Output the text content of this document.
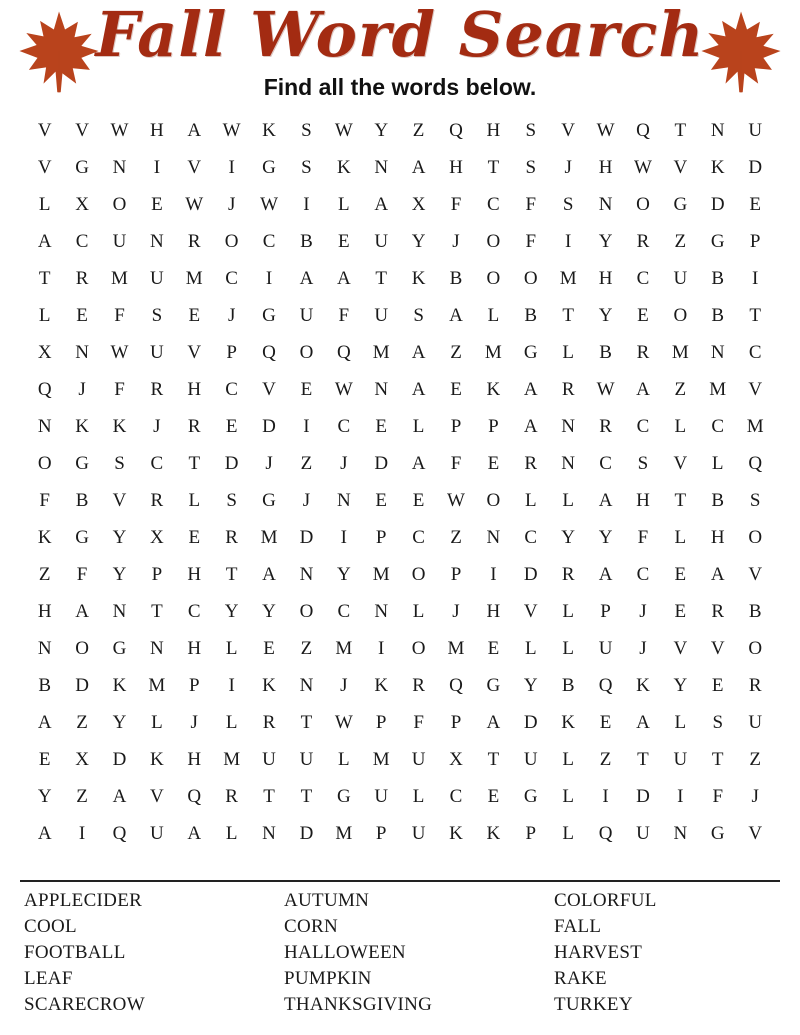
Fall Word Search
Find all the words below.
V	V	W	H	A	W	K	S	W	Y	Z	Q	H	S	V	W	Q	T	N	U
V	G	N	I	V	I	G	S	K	N	A	H	T	S	J	H	W	V	K	D
L	X	O	E	W	J	W	I	L	A	X	F	C	F	S	N	O	G	D	E
A	C	U	N	R	O	C	B	E	U	Y	J	O	F	I	Y	R	Z	G	P
T	R	M	U	M	C	I	A	A	T	K	B	O	O	M	H	C	U	B	I
L	E	F	S	E	J	G	U	F	U	S	A	L	B	T	Y	E	O	B	T
X	N	W	U	V	P	Q	O	Q	M	A	Z	M	G	L	B	R	M	N	C
Q	J	F	R	H	C	V	E	W	N	A	E	K	A	R	W	A	Z	M	V
N	K	K	J	R	E	D	I	C	E	L	P	P	A	N	R	C	L	C	M
O	G	S	C	T	D	J	Z	J	D	A	F	E	R	N	C	S	V	L	Q
F	B	V	R	L	S	G	J	N	E	E	W	O	L	L	A	H	T	B	S
K	G	Y	X	E	R	M	D	I	P	C	Z	N	C	Y	Y	F	L	H	O
Z	F	Y	P	H	T	A	N	Y	M	O	P	I	D	R	A	C	E	A	V
H	A	N	T	C	Y	Y	O	C	N	L	J	H	V	L	P	J	E	R	B
N	O	G	N	H	L	E	Z	M	I	O	M	E	L	L	U	J	V	V	O
B	D	K	M	P	I	K	N	J	K	R	Q	G	Y	B	Q	K	Y	E	R
A	Z	Y	L	J	L	R	T	W	P	F	P	A	D	K	E	A	L	S	U
E	X	D	K	H	M	U	U	L	M	U	X	T	U	L	Z	T	U	T	Z
Y	Z	A	V	Q	R	T	T	G	U	L	C	E	G	L	I	D	I	F	J
A	I	Q	U	A	L	N	D	M	P	U	K	K	P	L	Q	U	N	G	V
APPLECIDER
COOL
FOOTBALL
LEAF
SCARECROW
AUTUMN
CORN
HALLOWEEN
PUMPKIN
THANKSGIVING
COLORFUL
FALL
HARVEST
RAKE
TURKEY
